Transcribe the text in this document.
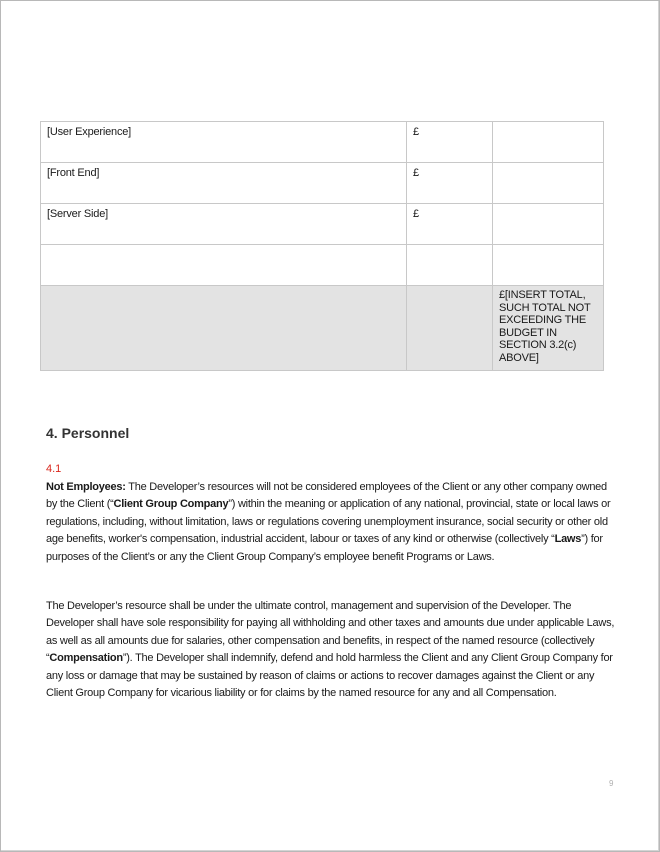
[User Experience]	£	
[Front End]	£	
[Server Side]	£	

		£[INSERT TOTAL, SUCH TOTAL NOT EXCEEDING THE BUDGET IN SECTION 3.2(c) ABOVE]
4. Personnel
4.1

Not Employees: The Developer’s resources will not be considered employees of the Client or any other company owned by the Client (“Client Group Company”) within the meaning or application of any national, provincial, state or local laws or regulations, including, without limitation, laws or regulations covering unemployment insurance, social security or other old age benefits, worker's compensation, industrial accident, labour or taxes of any kind or otherwise (collectively “Laws”) for purposes of the Client’s or any the Client Group Company’s employee benefit Programs or Laws.

The Developer’s resource shall be under the ultimate control, management and supervision of the Developer. The Developer shall have sole responsibility for paying all withholding and other taxes and amounts due under applicable Laws, as well as all amounts due for salaries, other compensation and benefits, in respect of the named resource (collectively “Compensation”). The Developer shall indemnify, defend and hold harmless the Client and any Client Group Company for any loss or damage that may be sustained by reason of claims or actions to recover damages against the Client or any Client Group Company for vicarious liability or for claims by the named resource for any and all Compensation.

9
